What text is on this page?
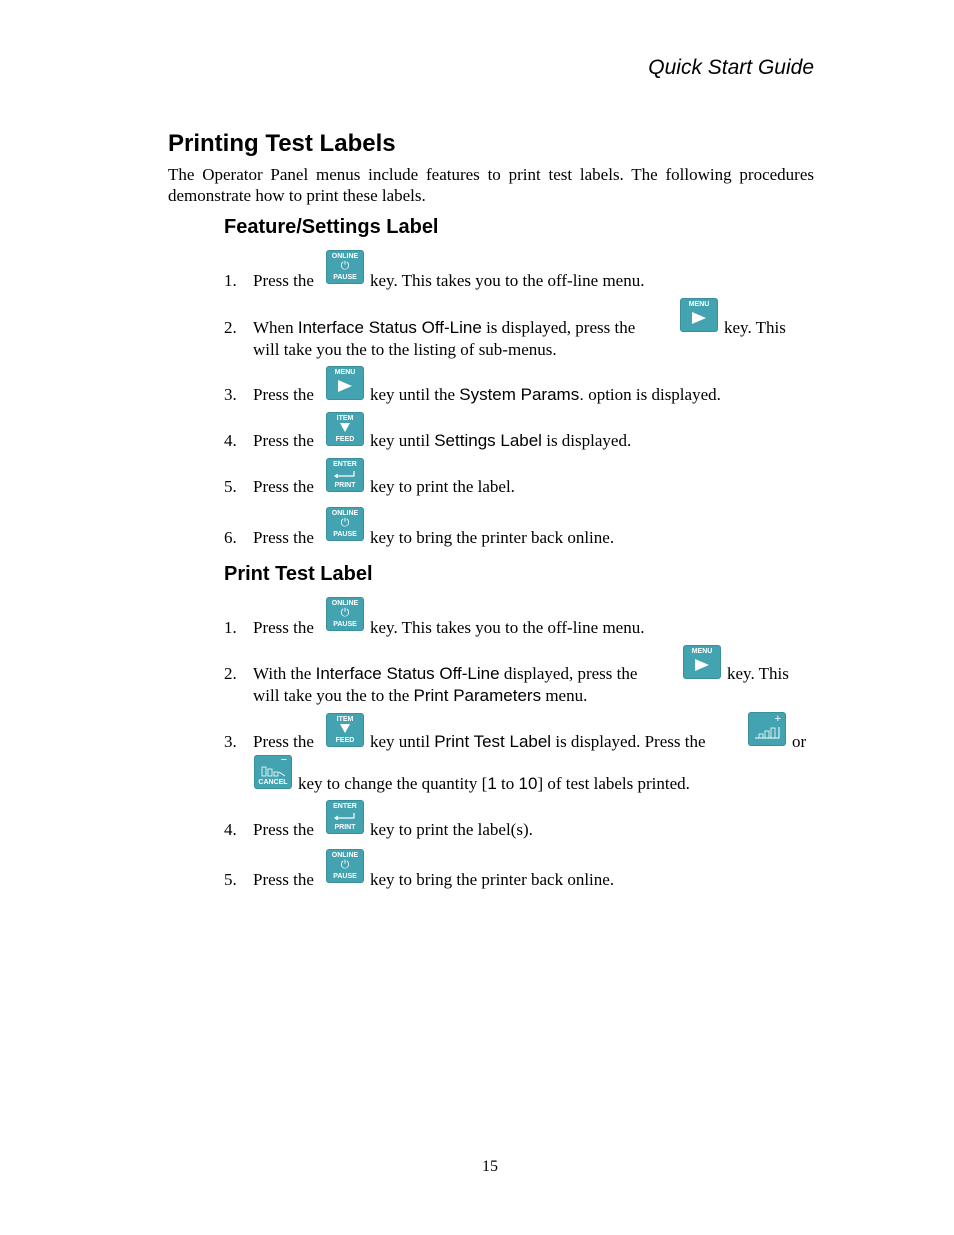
Quick Start Guide
Printing Test Labels

The Operator Panel menus include features to print test labels. The following procedures demonstrate how to print these labels.

Feature/Settings Label
1. Press the
ONLINE
⏻
PAUSE key. This takes you to the off-line menu.
2. When Interface Status Off-Line is displayed, press the
MENU
key. This
will take you the to the listing of sub-menus.
3. Press the
MENU
key until the System Params. option is displayed.
4. Press the
ITEM
FEED key until Settings Label is displayed.
5. Press the
ENTER
PRINT key to print the label.
6. Press the
ONLINE
⏻
PAUSE key to bring the printer back online.
Print Test Label
1. Press the
ONLINE
⏻
PAUSE key. This takes you to the off-line menu.
2. With the Interface Status Off-Line displayed, press the
MENU
key. This
will take you the to the Print Parameters menu.
3. Press the
ITEM
FEED key until Print Test Label is displayed. Press the
+
or
−
CANCEL key to change the quantity [1 to 10] of test labels printed.
4. Press the
ENTER
PRINT key to print the label(s).
5. Press the
ONLINE
⏻
PAUSE key to bring the printer back online.
15
